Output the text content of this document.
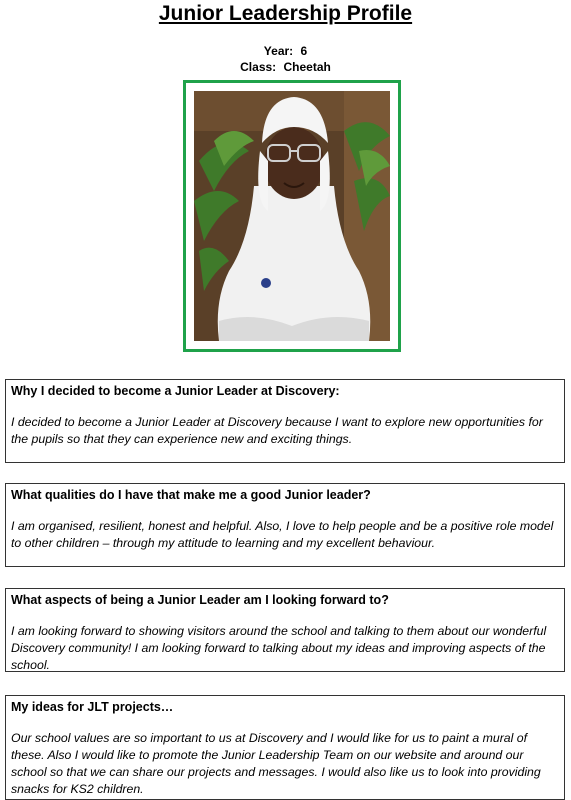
Junior Leadership Profile
Year: 6
Class: Cheetah
Why I decided to become a Junior Leader at Discovery:
I decided to become a Junior Leader at Discovery because I want to explore new opportunities for the pupils so that they can experience new and exciting things.
What qualities do I have that make me a good Junior leader?
I am organised, resilient, honest and helpful. Also, I love to help people and be a positive role model to other children – through my attitude to learning and my excellent behaviour.
What aspects of being a Junior Leader am I looking forward to?
I am looking forward to showing visitors around the school and talking to them about our wonderful Discovery community! I am looking forward to talking about my ideas and improving aspects of the school.
My ideas for JLT projects…
Our school values are so important to us at Discovery and I would like for us to paint a mural of these. Also I would like to promote the Junior Leadership Team on our website and around our school so that we can share our projects and messages. I would also like us to look into providing snacks for KS2 children.
